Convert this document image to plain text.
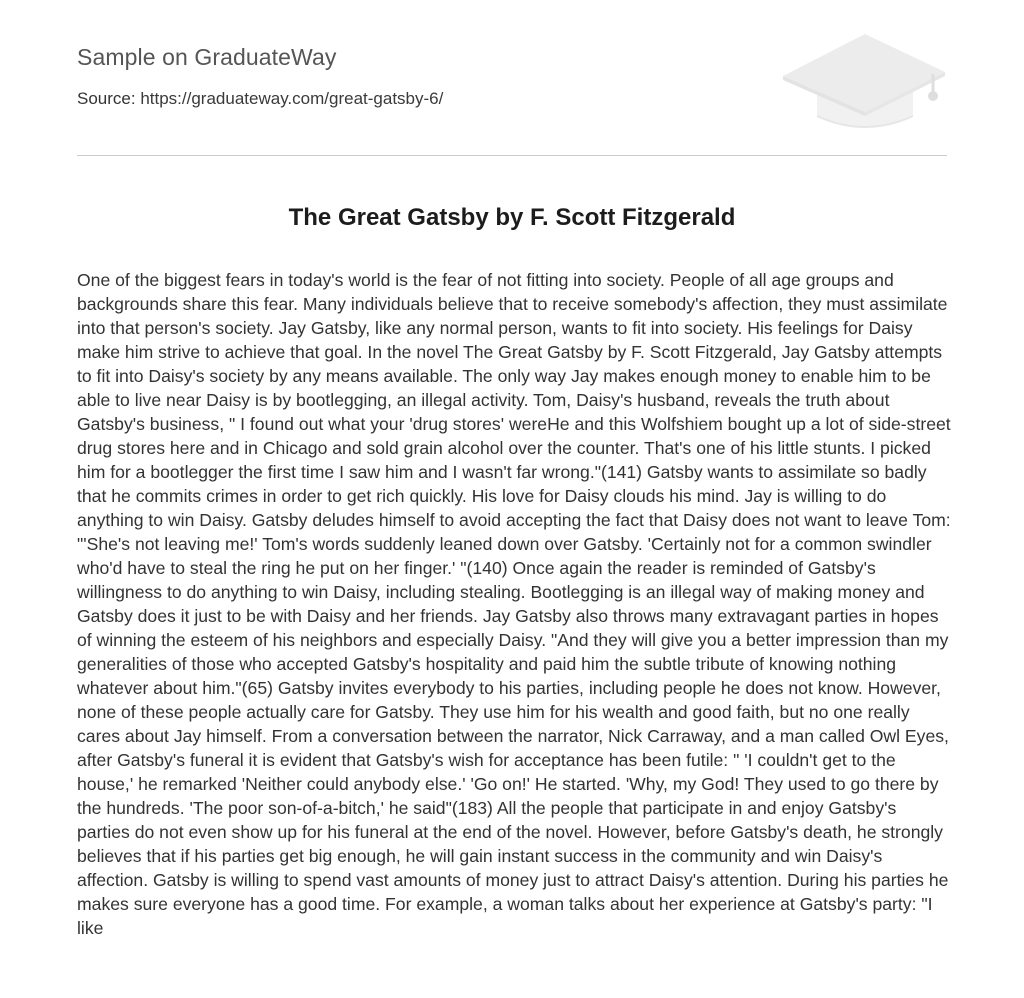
Sample on GraduateWay
Source: https://graduateway.com/great-gatsby-6/
The Great Gatsby by F. Scott Fitzgerald

One of the biggest fears in today's world is the fear of not fitting into society. People of all age groups and backgrounds share this fear. Many individuals believe that to receive somebody's affection, they must assimilate into that person's society. Jay Gatsby, like any normal person, wants to fit into society. His feelings for Daisy make him strive to achieve that goal. In the novel The Great Gatsby by F. Scott Fitzgerald, Jay Gatsby attempts to fit into Daisy's society by any means available. The only way Jay makes enough money to enable him to be able to live near Daisy is by bootlegging, an illegal activity. Tom, Daisy's husband, reveals the truth about Gatsby's business, " I found out what your 'drug stores' wereHe and this Wolfshiem bought up a lot of side-street drug stores here and in Chicago and sold grain alcohol over the counter. That's one of his little stunts. I picked him for a bootlegger the first time I saw him and I wasn't far wrong."(141) Gatsby wants to assimilate so badly that he commits crimes in order to get rich quickly. His love for Daisy clouds his mind. Jay is willing to do anything to win Daisy. Gatsby deludes himself to avoid accepting the fact that Daisy does not want to leave Tom: "'She's not leaving me!' Tom's words suddenly leaned down over Gatsby. 'Certainly not for a common swindler who'd have to steal the ring he put on her finger.' "(140) Once again the reader is reminded of Gatsby's willingness to do anything to win Daisy, including stealing. Bootlegging is an illegal way of making money and Gatsby does it just to be with Daisy and her friends. Jay Gatsby also throws many extravagant parties in hopes of winning the esteem of his neighbors and especially Daisy. "And they will give you a better impression than my generalities of those who accepted Gatsby's hospitality and paid him the subtle tribute of knowing nothing whatever about him."(65) Gatsby invites everybody to his parties, including people he does not know. However, none of these people actually care for Gatsby. They use him for his wealth and good faith, but no one really cares about Jay himself. From a conversation between the narrator, Nick Carraway, and a man called Owl Eyes, after Gatsby's funeral it is evident that Gatsby's wish for acceptance has been futile: " 'I couldn't get to the house,' he remarked 'Neither could anybody else.' 'Go on!' He started. 'Why, my God! They used to go there by the hundreds. 'The poor son-of-a-bitch,' he said"(183) All the people that participate in and enjoy Gatsby's parties do not even show up for his funeral at the end of the novel. However, before Gatsby's death, he strongly believes that if his parties get big enough, he will gain instant success in the community and win Daisy's affection. Gatsby is willing to spend vast amounts of money just to attract Daisy's attention. During his parties he makes sure everyone has a good time. For example, a woman talks about her experience at Gatsby's party: "I like
